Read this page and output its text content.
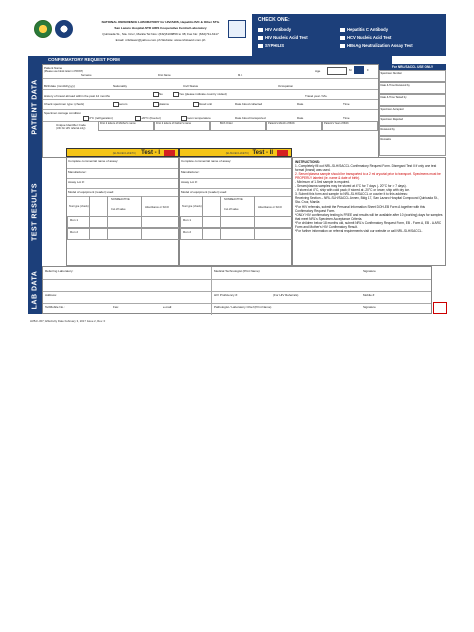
NATIONAL REFERENCE LABORATORY for HIV/AIDS, Hepatitis B/C & Other STIs
San Lazaro Hospital-STD AIDS Cooperative Central Laboratory
Quiricada St., Sta. Cruz, Manila Tel Nos: (632)3109859 to 38; Fax No: (632)711-6117
Email: nrlsltsacc@yahoo.com.ph Website: www.nrlslsaccl.com.ph
CHECK ONE:
HIV Antibody
HIV Nucleic Acid Test
SYPHILIS
Hepatitis C Antibody
HCV Nucleic Acid Test
HBsAg Neutralization Assay Test
PATIENT DATA
TEST RESULTS
LAB DATA
CONFIRMATORY REQUEST FORM
Patient Name
(Please use block letter in PRINT)
Surname	First Name	M.I.
Age	M	F
Birthdate (mm/dd/yyyy)	Nationality	Civil Status	Occupation
History of travel abroad within the past 12 months	No	Yes (please indicate country visited)	Travel year / Mo.
Check specimen type: (check)	serum	plasma	blood unit	Date blood collected	Date	Time
Specimen storage condition
4°C (refrigeration)	-20°C (freezer)	room temperature	Date blood transported	Date	Time
Unique Identifier Code
(UIC for HIV referral only)
First 2 letters of Mother's name	First 2 letters of Father's name	Birth Order	Patient's Month of Birth	Patient's Year of Birth
For NRL/SACCL USE ONLY
Specimen Number
Date & Time Received by
Date & Time Tested by
Specimen Accepted
Specimen Rejected
Received by
Remarks
(ELISA/ECLIA/ETC) Test - I	(ELISA/ECLIA/ETC) Test - II
Complete commercial name of assay:
Manufacturer:
Assay Lot #:
Model of equipment (reader) used:
NONREACTIVE
Test type (check)
Cut off value
Absorbance or S/CO
Run 1
Run 2
Complete commercial name of assay:
Manufacturer:
Assay Lot #:
Model of equipment (reader) used:
NONREACTIVE
Test type (check)
Cut off value
Absorbance or S/CO
Run 1
Run 2

INSTRUCTIONS:

1. Completely fill out NRL-SLH/SACCL Confirmatory Request Form. Disregard Test II if only one test format (brand) was used.

2. Serum/plasma sample should be transported to a 2 ml cryovial prior to transport. Specimens must be PROPERLY labeled (ie. name & date of birth).

- Minimum of 1.5ml sample is required.

- Serum/plasma samples may be stored at 4°C for 7 days (- 20°C for > 7 days).

- If stored at 4°C, ship with cold pack; if stored at -20°C or lower, ship with dry ice.

3. Submit this form and sample to NRL-SLH/SACCL or courier it to this address:

Receiving Section – NRL-SLH/SACCL Annex, Bldg 17, San Lazaro Hospital Compound Quiricada St., Sta. Cruz, Manila

*For HIV referrals, submit the Personal Information Sheet DOH-EB Form A together with this Confirmatory Request Form.

*ONLY HIV confirmatory testing is FREE and results will be available after 10 (working) days for samples that meet NRL's Specimen Acceptance Criteria.

*For children below 18 months old, submit NRL's Confirmatory Request Form, EB - Form A, EB - A ARC Form and Mother's HIV Confirmatory Result.

*For further information on referral requirements visit our website or call NRL-SLH/SACCL.

Referring Laboratory:	Medical Technologist (Print Name)	Signature
Address:	HIV Proficiency #:	(For HIV Referrals)	Mobile #
Tel/Mobile No.:	Fax:	e-mail:	Pathologist / Laboratory Chief (Print Name)	Signature
LRB-F-307; Effectivity Date February 3, 2017 Issue 2, Rev. 0
